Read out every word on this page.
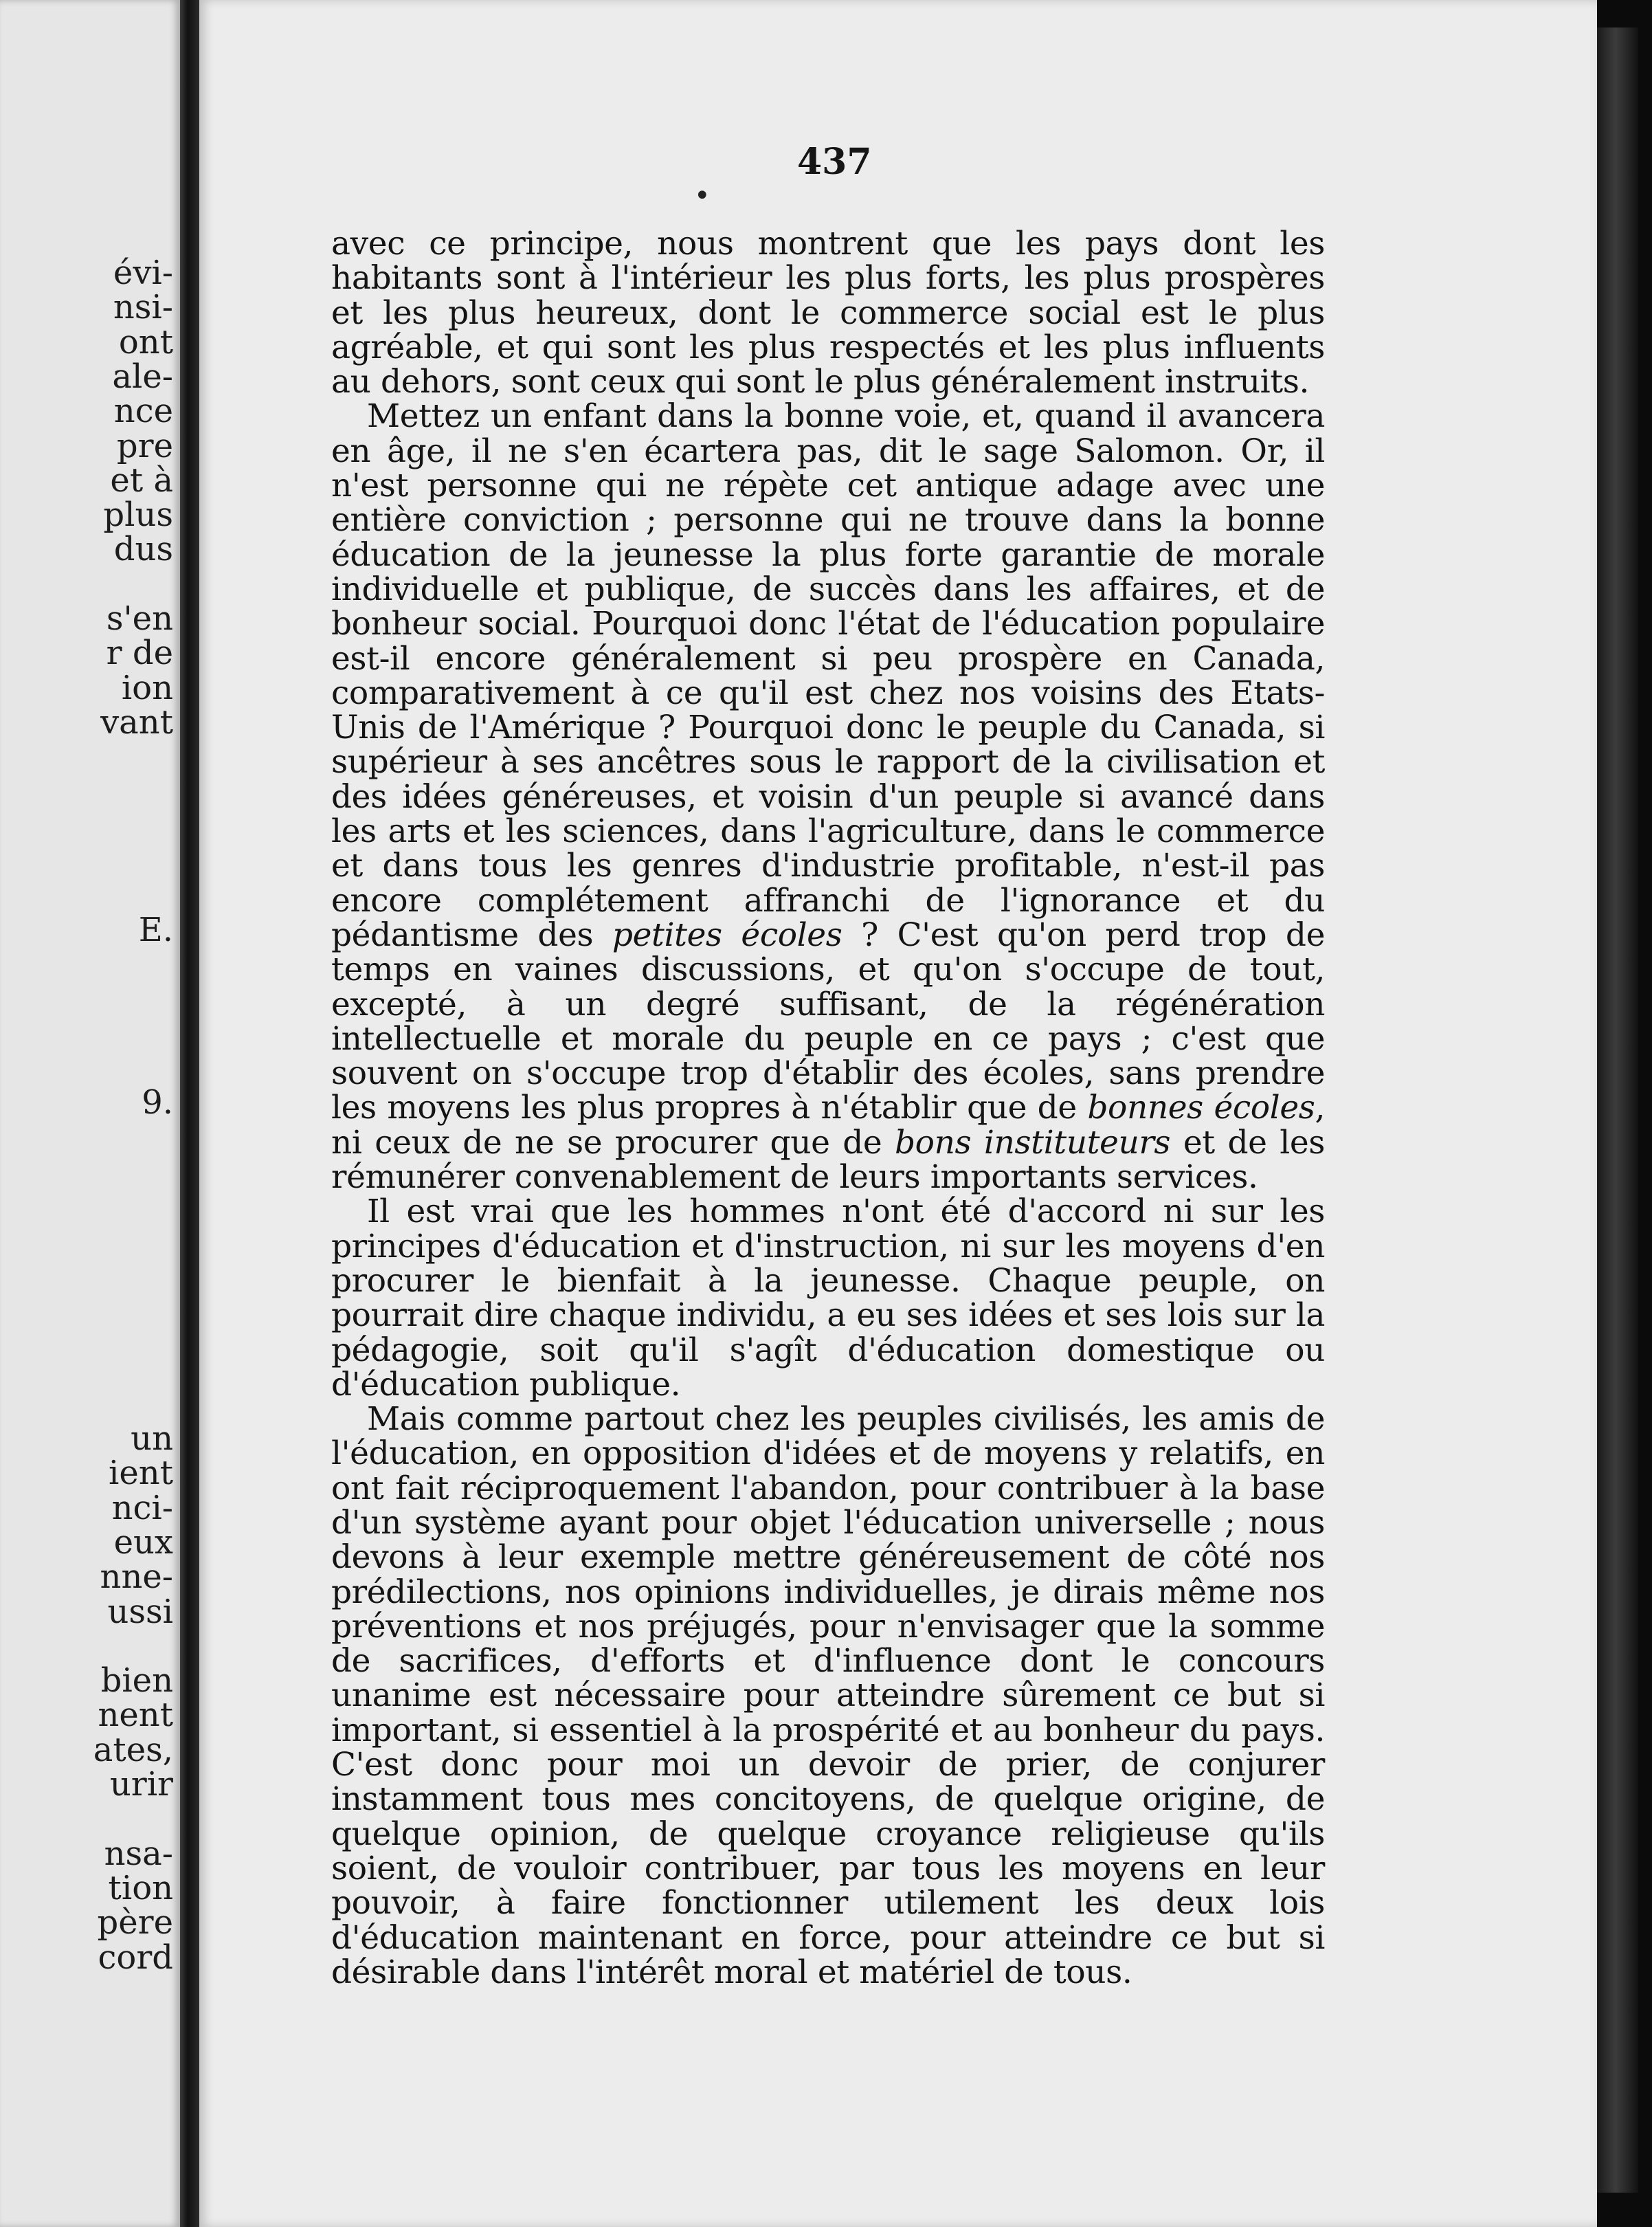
évi-
nsi-
ont
ale-
nce
pre
et à
plus
dus
s'en
r de
ion
vant
E.
9.
un
ient
nci-
eux
nne-
ussi
bien
nent
ates,
urir
nsa-
tion
père
cord
437
•

avec ce principe, nous montrent que les pays dont les habitants sont à l'intérieur les plus forts, les plus prospères et les plus heureux, dont le commerce social est le plus agréable, et qui sont les plus respectés et les plus influents au dehors, sont ceux qui sont le plus généralement instruits.

Mettez un enfant dans la bonne voie, et, quand il avancera en âge, il ne s'en écartera pas, dit le sage Salomon. Or, il n'est personne qui ne répète cet antique adage avec une entière conviction ; personne qui ne trouve dans la bonne éducation de la jeunesse la plus forte garantie de morale individuelle et publique, de succès dans les affaires, et de bonheur social. Pourquoi donc l'état de l'éducation populaire est-il encore généralement si peu prospère en Canada, comparativement à ce qu'il est chez nos voisins des Etats-Unis de l'Amérique ? Pourquoi donc le peuple du Canada, si supérieur à ses ancêtres sous le rapport de la civilisation et des idées généreuses, et voisin d'un peuple si avancé dans les arts et les sciences, dans l'agriculture, dans le commerce et dans tous les genres d'industrie profitable, n'est-il pas encore complétement affranchi de l'ignorance et du pédantisme des petites écoles ? C'est qu'on perd trop de temps en vaines discussions, et qu'on s'occupe de tout, excepté, à un degré suffisant, de la régénération intellectuelle et morale du peuple en ce pays ; c'est que souvent on s'occupe trop d'établir des écoles, sans prendre les moyens les plus propres à n'établir que de bonnes écoles, ni ceux de ne se procurer que de bons instituteurs et de les rémunérer convenablement de leurs importants services.

Il est vrai que les hommes n'ont été d'accord ni sur les principes d'éducation et d'instruction, ni sur les moyens d'en procurer le bienfait à la jeunesse. Chaque peuple, on pourrait dire chaque individu, a eu ses idées et ses lois sur la pédagogie, soit qu'il s'agît d'éducation domestique ou d'éducation publique.

Mais comme partout chez les peuples civilisés, les amis de l'éducation, en opposition d'idées et de moyens y relatifs, en ont fait réciproquement l'abandon, pour contribuer à la base d'un système ayant pour objet l'éducation universelle ; nous devons à leur exemple mettre généreusement de côté nos prédilections, nos opinions individuelles, je dirais même nos préventions et nos préjugés, pour n'envisager que la somme de sacrifices, d'efforts et d'influence dont le concours unanime est nécessaire pour atteindre sûrement ce but si important, si essentiel à la prospérité et au bonheur du pays. C'est donc pour moi un devoir de prier, de conjurer instamment tous mes concitoyens, de quelque origine, de quelque opinion, de quelque croyance religieuse qu'ils soient, de vouloir contribuer, par tous les moyens en leur pouvoir, à faire fonctionner utilement les deux lois d'éducation maintenant en force, pour atteindre ce but si désirable dans l'intérêt moral et matériel de tous.
